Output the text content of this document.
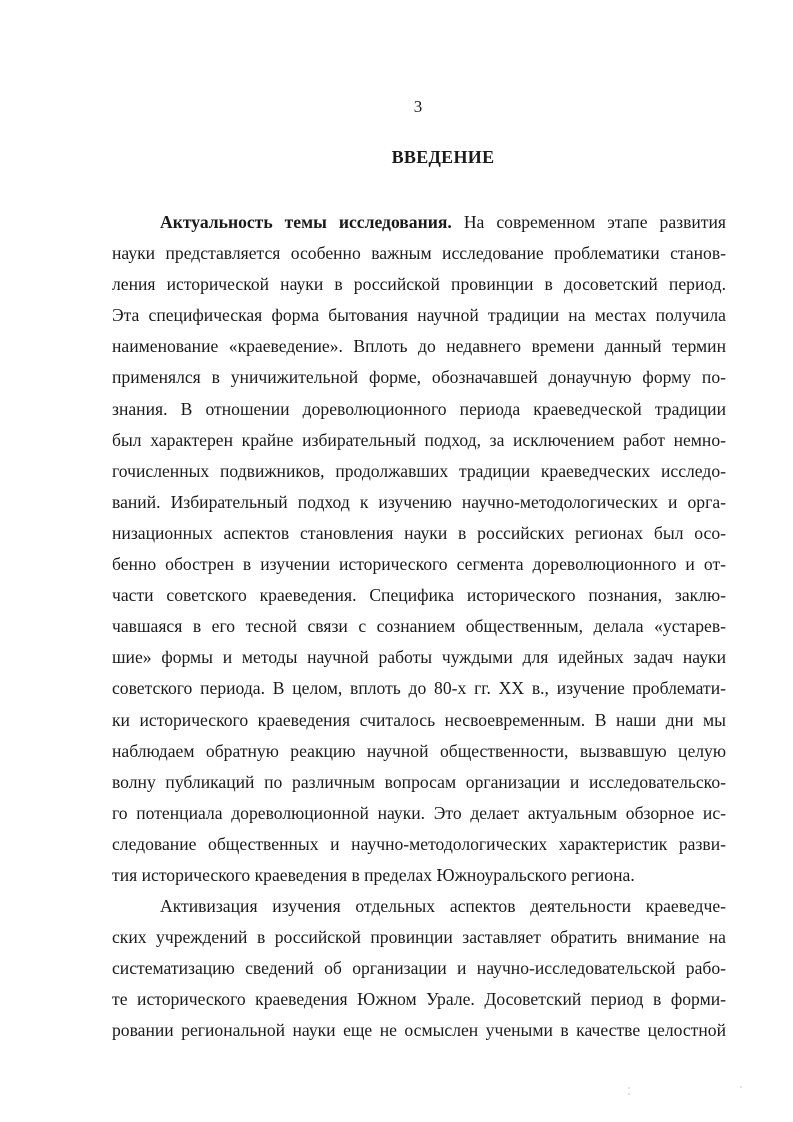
3
ВВЕДЕНИЕ
Актуальность темы исследования. На современном этапе развития
науки представляется особенно важным исследование проблематики станов-
ления исторической науки в российской провинции в досоветский период.
Эта специфическая форма бытования научной традиции на местах получила
наименование «краеведение». Вплоть до недавнего времени данный термин
применялся в уничижительной форме, обозначавшей донаучную форму по-
знания. В отношении дореволюционного периода краеведческой традиции
был характерен крайне избирательный подход, за исключением работ немно-
гочисленных подвижников, продолжавших традиции краеведческих исследо-
ваний. Избирательный подход к изучению научно-методологических и орга-
низационных аспектов становления науки в российских регионах был осо-
бенно обострен в изучении исторического сегмента дореволюционного и от-
части советского краеведения. Специфика исторического познания, заклю-
чавшаяся в его тесной связи с сознанием общественным, делала «устарев-
шие» формы и методы научной работы чуждыми для идейных задач науки
советского периода. В целом, вплоть до 80-х гг. XX в., изучение проблемати-
ки исторического краеведения считалось несвоевременным. В наши дни мы
наблюдаем обратную реакцию научной общественности, вызвавшую целую
волну публикаций по различным вопросам организации и исследовательско-
го потенциала дореволюционной науки. Это делает актуальным обзорное ис-
следование общественных и научно-методологических характеристик разви-
тия исторического краеведения в пределах Южноуральского региона.
Активизация изучения отдельных аспектов деятельности краеведче-
ских учреждений в российской провинции заставляет обратить внимание на
систематизацию сведений об организации и научно-исследовательской рабо-
те исторического краеведения Южном Урале. Досоветский период в форми-
ровании региональной науки еще не осмыслен учеными в качестве целостной
